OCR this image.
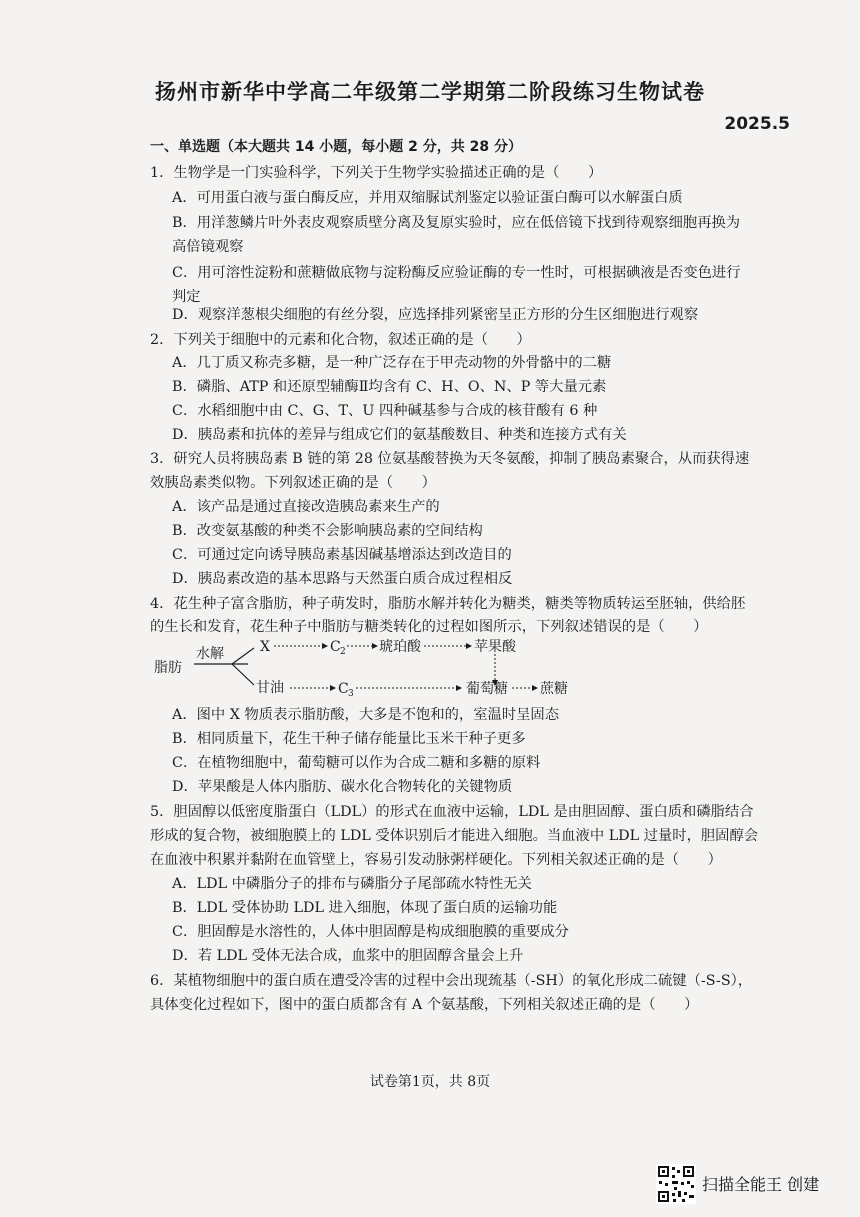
扬州市新华中学高二年级第二学期第二阶段练习生物试卷
2025.5
一、单选题（本大题共 14 小题，每小题 2 分，共 28 分）
1．生物学是一门实验科学，下列关于生物学实验描述正确的是（　　）
A．可用蛋白液与蛋白酶反应，并用双缩脲试剂鉴定以验证蛋白酶可以水解蛋白质
B．用洋葱鳞片叶外表皮观察质壁分离及复原实验时，应在低倍镜下找到待观察细胞再换为
高倍镜观察
C．用可溶性淀粉和蔗糖做底物与淀粉酶反应验证酶的专一性时，可根据碘液是否变色进行
判定
D．观察洋葱根尖细胞的有丝分裂，应选择排列紧密呈正方形的分生区细胞进行观察
2．下列关于细胞中的元素和化合物，叙述正确的是（　　）
A．几丁质又称壳多糖，是一种广泛存在于甲壳动物的外骨骼中的二糖
B．磷脂、ATP 和还原型辅酶Ⅱ均含有 C、H、O、N、P 等大量元素
C．水稻细胞中由 C、G、T、U 四种碱基参与合成的核苷酸有 6 种
D．胰岛素和抗体的差异与组成它们的氨基酸数目、种类和连接方式有关
3．研究人员将胰岛素 B 链的第 28 位氨基酸替换为天冬氨酸，抑制了胰岛素聚合，从而获得速
效胰岛素类似物。下列叙述正确的是（　　）
A．该产品是通过直接改造胰岛素来生产的
B．改变氨基酸的种类不会影响胰岛素的空间结构
C．可通过定向诱导胰岛素基因碱基增添达到改造目的
D．胰岛素改造的基本思路与天然蛋白质合成过程相反
4．花生种子富含脂肪，种子萌发时，脂肪水解并转化为糖类，糖类等物质转运至胚轴，供给胚
的生长和发育，花生种子中脂肪与糖类转化的过程如图所示，下列叙述错误的是（　　）
脂肪
水解	X	C 2 琥珀酸	苹果酸
甘油	C 3	葡萄糖 蔗糖
A．图中 X 物质表示脂肪酸，大多是不饱和的，室温时呈固态
B．相同质量下，花生干种子储存能量比玉米干种子更多
C．在植物细胞中，葡萄糖可以作为合成二糖和多糖的原料
D．苹果酸是人体内脂肪、碳水化合物转化的关键物质
5．胆固醇以低密度脂蛋白（LDL）的形式在血液中运输，LDL 是由胆固醇、蛋白质和磷脂结合
形成的复合物，被细胞膜上的 LDL 受体识别后才能进入细胞。当血液中 LDL 过量时，胆固醇会
在血液中积累并黏附在血管壁上，容易引发动脉粥样硬化。下列相关叙述正确的是（　　）
A．LDL 中磷脂分子的排布与磷脂分子尾部疏水特性无关
B．LDL 受体协助 LDL 进入细胞，体现了蛋白质的运输功能
C．胆固醇是水溶性的，人体中胆固醇是构成细胞膜的重要成分
D．若 LDL 受体无法合成，血浆中的胆固醇含量会上升
6．某植物细胞中的蛋白质在遭受冷害的过程中会出现巯基（-SH）的氧化形成二硫键（-S-S），
具体变化过程如下，图中的蛋白质都含有 A 个氨基酸，下列相关叙述正确的是（　　）
试卷第1页，共 8页
扫描全能王 创建
